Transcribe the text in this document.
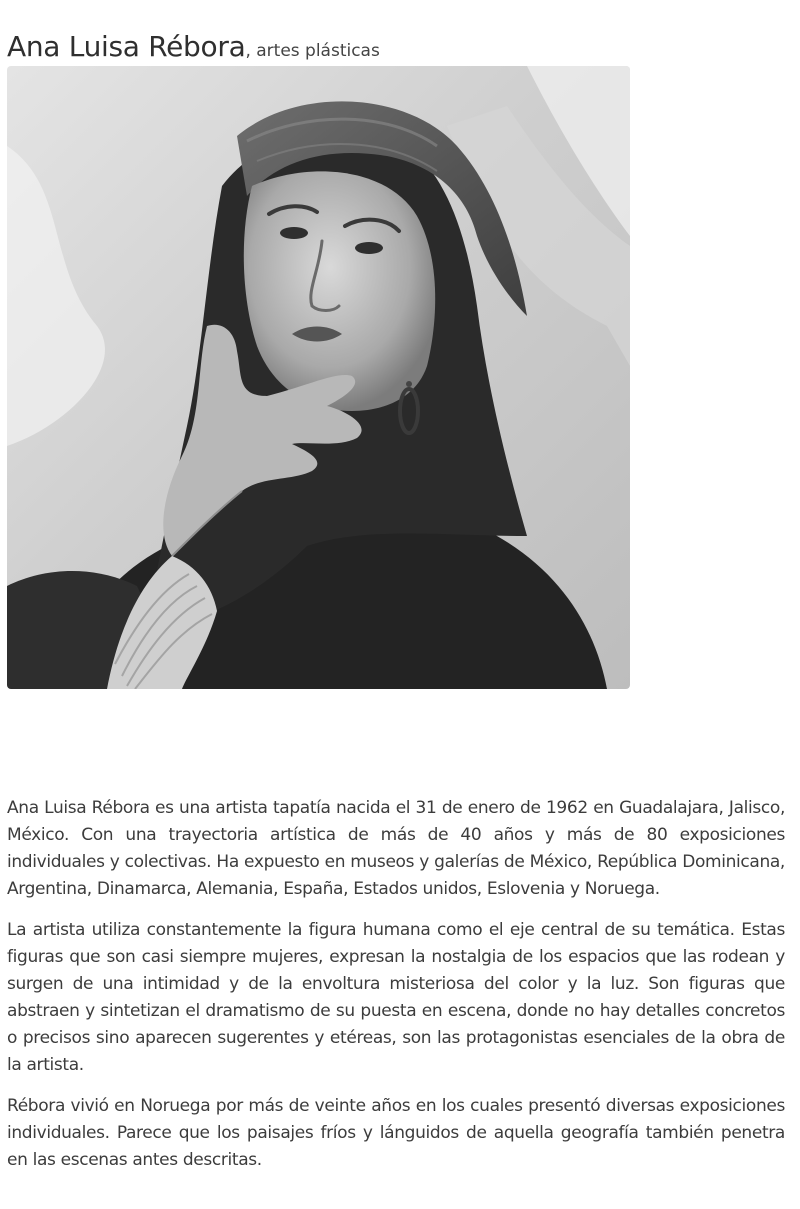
Ana Luisa Rébora, artes plásticas

Ana Luisa Rébora es una artista tapatía nacida el 31 de enero de 1962 en Guadalajara, Jalisco, México. Con una trayectoria artística de más de 40 años y más de 80 exposiciones individuales y colectivas. Ha expuesto en museos y galerías de México, República Dominicana, Argentina, Dinamarca, Alemania, España, Estados unidos, Eslovenia y Noruega.

La artista utiliza constantemente la figura humana como el eje central de su temática. Estas figuras que son casi siempre mujeres, expresan la nostalgia de los espacios que las rodean y surgen de una intimidad y de la envoltura misteriosa del color y la luz. Son figuras que abstraen y sintetizan el dramatismo de su puesta en escena, donde no hay detalles concretos o precisos sino aparecen sugerentes y etéreas, son las protagonistas esenciales de la obra de la artista.

Rébora vivió en Noruega por más de veinte años en los cuales presentó diversas exposiciones individuales. Parece que los paisajes fríos y lánguidos de aquella geografía también penetra en las escenas antes descritas.
